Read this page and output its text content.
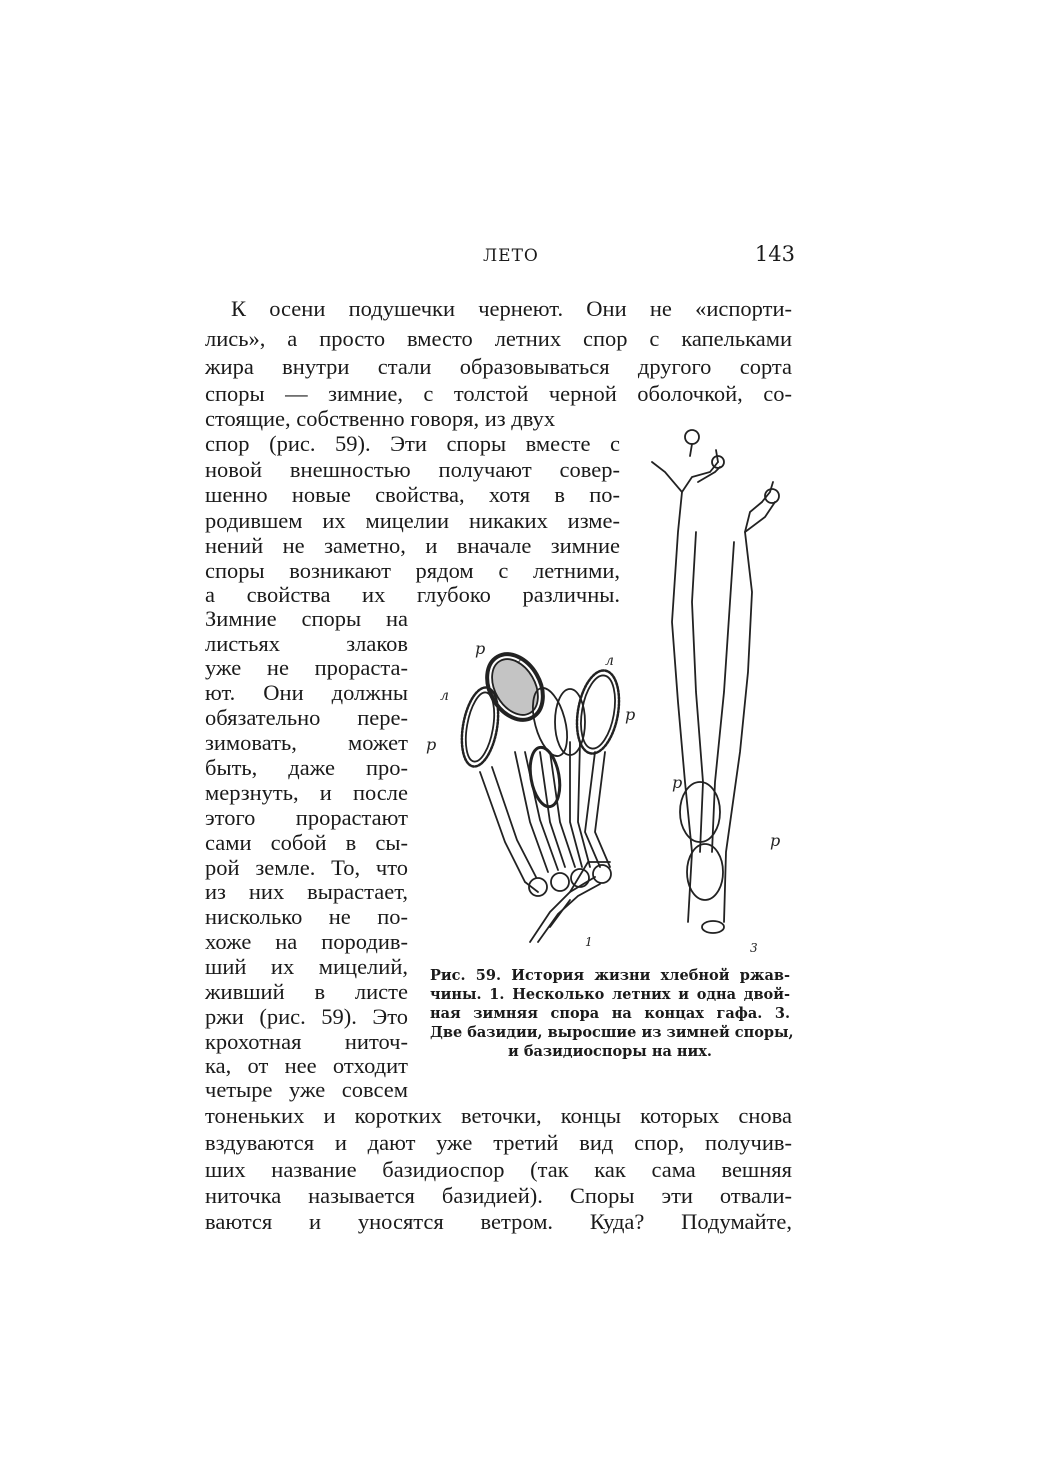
ЛЕТО	143
К осени подушечки чернеют. Они не «испорти-
лись», а просто вместо летних спор с капельками
жира внутри стали образовываться другого сорта
споры — зимние, с толстой черной оболочкой, со-
стоящие, собственно говоря, из двух
спор (рис. 59). Эти споры вместе с
новой внешностью получают совер-
шенно новые свойства, хотя в по-
родившем их мицелии никаких изме-
нений не заметно, и вначале зимние
споры возникают рядом с летними,
а свойства их глубоко различны.
Зимние споры на
листьях злаков
уже не прораста-
ют. Они должны
обязательно пере-
зимовать, может
быть, даже про-
мерзнуть, и после
этого прорастают
сами собой в сы-
рой земле. То, что
из них вырастает,
нисколько не по-
хоже на породив-
ший их мицелий,
живший в листе
ржи (рис. 59). Это
крохотная ниточ-
ка, от нее отходит
четыре уже совсем
тоненьких и коротких веточки, концы которых снова
вздуваются и дают уже третий вид спор, получив-
ших название базидиоспор (так как сама вешняя
ниточка называется базидией). Споры эти отвали-
ваются и уносятся ветром. Куда? Подумайте,
р з	л
л
р
р
р
р
1	3
Рис. 59. История жизни хлебной ржав-
чины. 1. Несколько летних и одна двой-
ная зимняя спора на концах гафа. 3.
Две базидии, выросшие из зимней споры,
и базидиоспоры на них.
